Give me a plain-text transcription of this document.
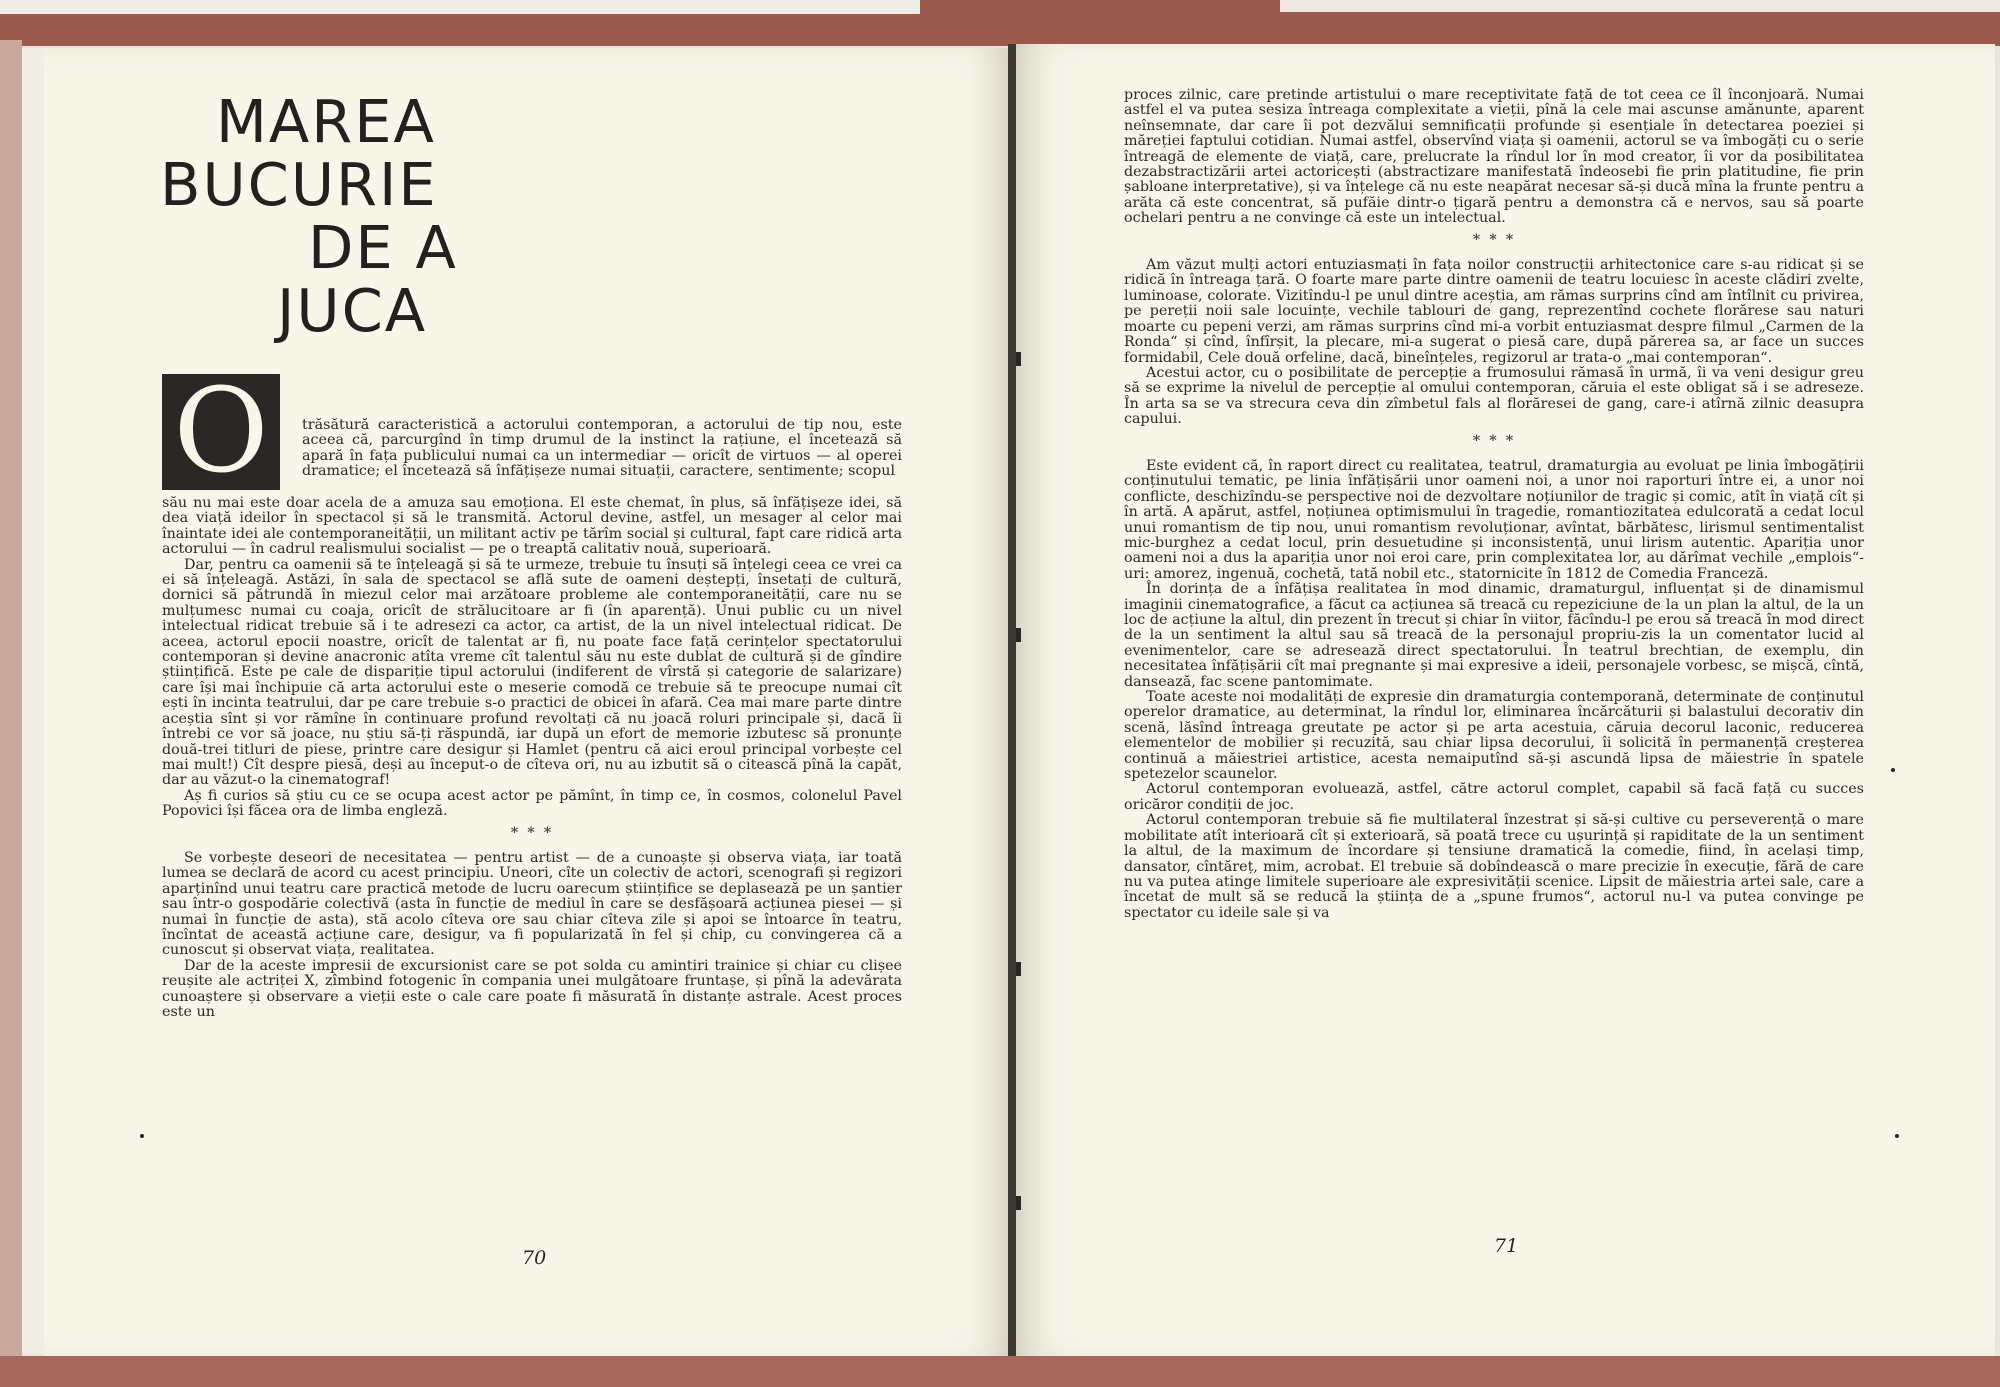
MAREA
BUCURIE
DE A
JUCA
O	trăsătură caracteristică a actorului contemporan, a actorului de tip nou, este aceea că, parcurgînd în timp drumul de la instinct la rațiune, el încetează să apară în fața publicului numai ca un intermediar — oricît de virtuos — al operei dramatice; el încetează să înfățișeze numai situații, caractere, sentimente; scopul

său nu mai este doar acela de a amuza sau emoționa. El este chemat, în plus, să înfățișeze idei, să dea viață ideilor în spectacol și să le transmită. Actorul devine, astfel, un mesager al celor mai înaintate idei ale contemporaneității, un militant activ pe tărîm social și cultural, fapt care ridică arta actorului — în cadrul realismului socialist — pe o treaptă calitativ nouă, superioară.

Dar, pentru ca oamenii să te înțeleagă și să te urmeze, trebuie tu însuți să înțelegi ceea ce vrei ca ei să înțeleagă. Astăzi, în sala de spectacol se află sute de oameni deștepți, însetați de cultură, dornici să pătrundă în miezul celor mai arzătoare probleme ale contemporaneității, care nu se mulțumesc numai cu coaja, oricît de strălucitoare ar fi (în aparență). Unui public cu un nivel intelectual ridicat trebuie să i te adresezi ca actor, ca artist, de la un nivel intelectual ridicat. De aceea, actorul epocii noastre, oricît de talentat ar fi, nu poate face față cerințelor spectatorului contemporan și devine anacronic atîta vreme cît talentul său nu este dublat de cultură și de gîndire științifică. Este pe cale de dispariție tipul actorului (indiferent de vîrstă și categorie de salarizare) care își mai închipuie că arta actorului este o meserie comodă ce trebuie să te preocupe numai cît ești în incinta teatrului, dar pe care trebuie s-o practici de obicei în afară. Cea mai mare parte dintre aceștia sînt și vor rămîne în continuare profund revoltați că nu joacă roluri principale și, dacă îi întrebi ce vor să joace, nu știu să-ți răspundă, iar după un efort de memorie izbutesc să pronunțe două-trei titluri de piese, printre care desigur și Hamlet (pentru că aici eroul principal vorbește cel mai mult!) Cît despre piesă, deși au început-o de cîteva ori, nu au izbutit să o citească pînă la capăt, dar au văzut-o la cinematograf!

Aș fi curios să știu cu ce se ocupa acest actor pe pămînt, în timp ce, în cosmos, colonelul Pavel Popovici își făcea ora de limba engleză.

* * *

Se vorbește deseori de necesitatea — pentru artist — de a cunoaște și observa viața, iar toată lumea se declară de acord cu acest principiu. Uneori, cîte un colectiv de actori, scenografi și regizori aparținînd unui teatru care practică metode de lucru oarecum științifice se deplasează pe un șantier sau într-o gospodărie colectivă (asta în funcție de mediul în care se desfășoară acțiunea piesei — și numai în funcție de asta), stă acolo cîteva ore sau chiar cîteva zile și apoi se întoarce în teatru, încîntat de această acțiune care, desigur, va fi popularizată în fel și chip, cu convingerea că a cunoscut și observat viața, realitatea.

Dar de la aceste impresii de excursionist care se pot solda cu amintiri trainice și chiar cu clișee reușite ale actriței X, zîmbind fotogenic în compania unei mulgătoare fruntașe, și pînă la adevărata cunoaștere și observare a vieții este o cale care poate fi măsurată în distanțe astrale. Acest proces este un

70

proces zilnic, care pretinde artistului o mare receptivitate față de tot ceea ce îl înconjoară. Numai astfel el va putea sesiza întreaga complexitate a vieții, pînă la cele mai ascunse amănunte, aparent neînsemnate, dar care îi pot dezvălui semnificații profunde și esențiale în detectarea poeziei și măreției faptului cotidian. Numai astfel, observînd viața și oamenii, actorul se va îmbogăți cu o serie întreagă de elemente de viață, care, prelucrate la rîndul lor în mod creator, îi vor da posibilitatea dezabstractizării artei actoricești (abstractizare manifestată îndeosebi fie prin platitudine, fie prin șabloane interpretative), și va înțelege că nu este neapărat necesar să-și ducă mîna la frunte pentru a arăta că este concentrat, să pufăie dintr-o țigară pentru a demonstra că e nervos, sau să poarte ochelari pentru a ne convinge că este un intelectual.

* * *

Am văzut mulți actori entuziasmați în fața noilor construcții arhitectonice care s-au ridicat și se ridică în întreaga țară. O foarte mare parte dintre oamenii de teatru locuiesc în aceste clădiri zvelte, luminoase, colorate. Vizitîndu-l pe unul dintre aceștia, am rămas surprins cînd am întîlnit cu privirea, pe pereții noii sale locuințe, vechile tablouri de gang, reprezentînd cochete florărese sau naturi moarte cu pepeni verzi, am rămas surprins cînd mi-a vorbit entuziasmat despre filmul „Carmen de la Ronda“ și cînd, înfîrșit, la plecare, mi-a sugerat o piesă care, după părerea sa, ar face un succes formidabil, Cele două orfeline, dacă, bineînțeles, regizorul ar trata-o „mai contemporan“.

Acestui actor, cu o posibilitate de percepție a frumosului rămasă în urmă, îi va veni desigur greu să se exprime la nivelul de percepție al omului contemporan, căruia el este obligat să i se adreseze. În arta sa se va strecura ceva din zîmbetul fals al florăresei de gang, care-i atîrnă zilnic deasupra capului.

* * *

Este evident că, în raport direct cu realitatea, teatrul, dramaturgia au evoluat pe linia îmbogățirii conținutului tematic, pe linia înfățișării unor oameni noi, a unor noi raporturi între ei, a unor noi conflicte, deschizîndu-se perspective noi de dezvoltare noțiunilor de tragic și comic, atît în viață cît și în artă. A apărut, astfel, noțiunea optimismului în tragedie, romantiozitatea edulcorată a cedat locul unui romantism de tip nou, unui romantism revoluționar, avîntat, bărbătesc, lirismul sentimentalist mic-burghez a cedat locul, prin desuetudine și inconsistență, unui lirism autentic. Apariția unor oameni noi a dus la apariția unor noi eroi care, prin complexitatea lor, au dărîmat vechile „emplois“-uri: amorez, ingenuă, cochetă, tată nobil etc., statornicite în 1812 de Comedia Franceză.

În dorința de a înfățișa realitatea în mod dinamic, dramaturgul, influențat și de dinamismul imaginii cinematografice, a făcut ca acțiunea să treacă cu repeziciune de la un plan la altul, de la un loc de acțiune la altul, din prezent în trecut și chiar în viitor, făcîndu-l pe erou să treacă în mod direct de la un sentiment la altul sau să treacă de la personajul propriu-zis la un comentator lucid al evenimentelor, care se adresează direct spectatorului. În teatrul brechtian, de exemplu, din necesitatea înfățișării cît mai pregnante și mai expresive a ideii, personajele vorbesc, se mișcă, cîntă, dansează, fac scene pantomimate.

Toate aceste noi modalități de expresie din dramaturgia contemporană, determinate de conținutul operelor dramatice, au determinat, la rîndul lor, eliminarea încărcăturii și balastului decorativ din scenă, lăsînd întreaga greutate pe actor și pe arta acestuia, căruia decorul laconic, reducerea elementelor de mobilier și recuzită, sau chiar lipsa decorului, îi solicită în permanență creșterea continuă a măiestriei artistice, acesta nemaiputînd să-și ascundă lipsa de măiestrie în spatele spetezelor scaunelor.

Actorul contemporan evoluează, astfel, către actorul complet, capabil să facă față cu succes oricăror condiții de joc.

Actorul contemporan trebuie să fie multilateral înzestrat și să-și cultive cu perseverență o mare mobilitate atît interioară cît și exterioară, să poată trece cu ușurință și rapiditate de la un sentiment la altul, de la maximum de încordare și tensiune dramatică la comedie, fiind, în același timp, dansator, cîntăreț, mim, acrobat. El trebuie să dobîndească o mare precizie în execuție, fără de care nu va putea atinge limitele superioare ale expresivității scenice. Lipsit de măiestria artei sale, care a încetat de mult să se reducă la știința de a „spune frumos“, actorul nu-l va putea convinge pe spectator cu ideile sale și va

71
